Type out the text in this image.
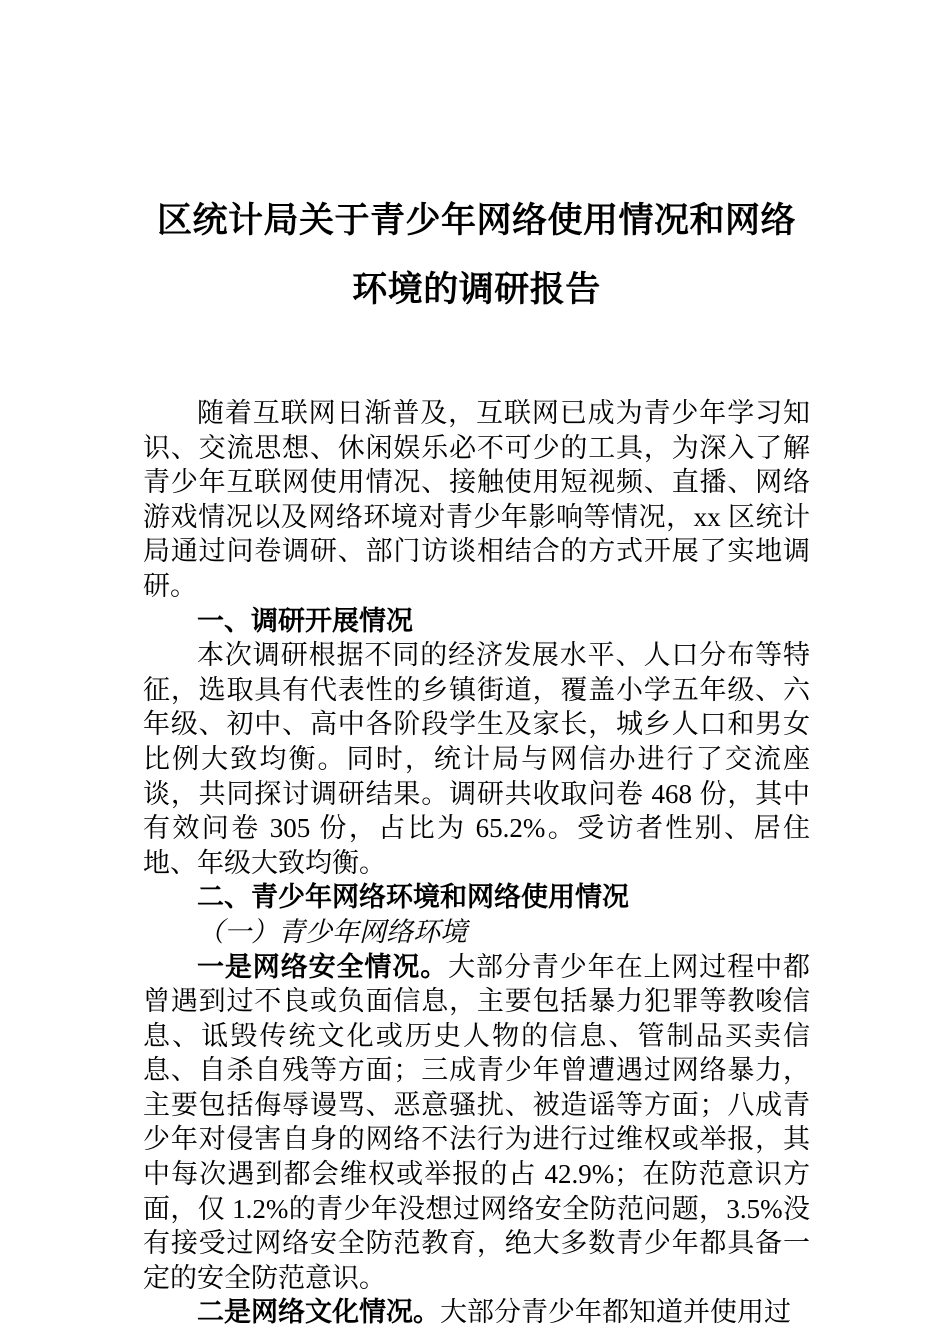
区统计局关于青少年网络使用情况和网络
环境的调研报告

随着互联网日渐普及，互联网已成为青少年学习知识、交流思想、休闲娱乐必不可少的工具，为深入了解青少年互联网使用情况、接触使用短视频、直播、网络游戏情况以及网络环境对青少年影响等情况，xx 区统计局通过问卷调研、部门访谈相结合的方式开展了实地调研。

一、调研开展情况

本次调研根据不同的经济发展水平、人口分布等特征，选取具有代表性的乡镇街道，覆盖小学五年级、六年级、初中、高中各阶段学生及家长，城乡人口和男女比例大致均衡。同时，统计局与网信办进行了交流座谈，共同探讨调研结果。调研共收取问卷 468 份，其中有效问卷 305 份，占比为 65.2%。受访者性别、居住地、年级大致均衡。

二、青少年网络环境和网络使用情况

（一）青少年网络环境

一是网络安全情况。大部分青少年在上网过程中都曾遇到过不良或负面信息，主要包括暴力犯罪等教唆信息、诋毁传统文化或历史人物的信息、管制品买卖信息、自杀自残等方面；三成青少年曾遭遇过网络暴力，主要包括侮辱谩骂、恶意骚扰、被造谣等方面；八成青少年对侵害自身的网络不法行为进行过维权或举报，其中每次遇到都会维权或举报的占 42.9%；在防范意识方面，仅 1.2%的青少年没想过网络安全防范问题，3.5%没有接受过网络安全防范教育，绝大多数青少年都具备一定的安全防范意识。

二是网络文化情况。大部分青少年都知道并使用过
